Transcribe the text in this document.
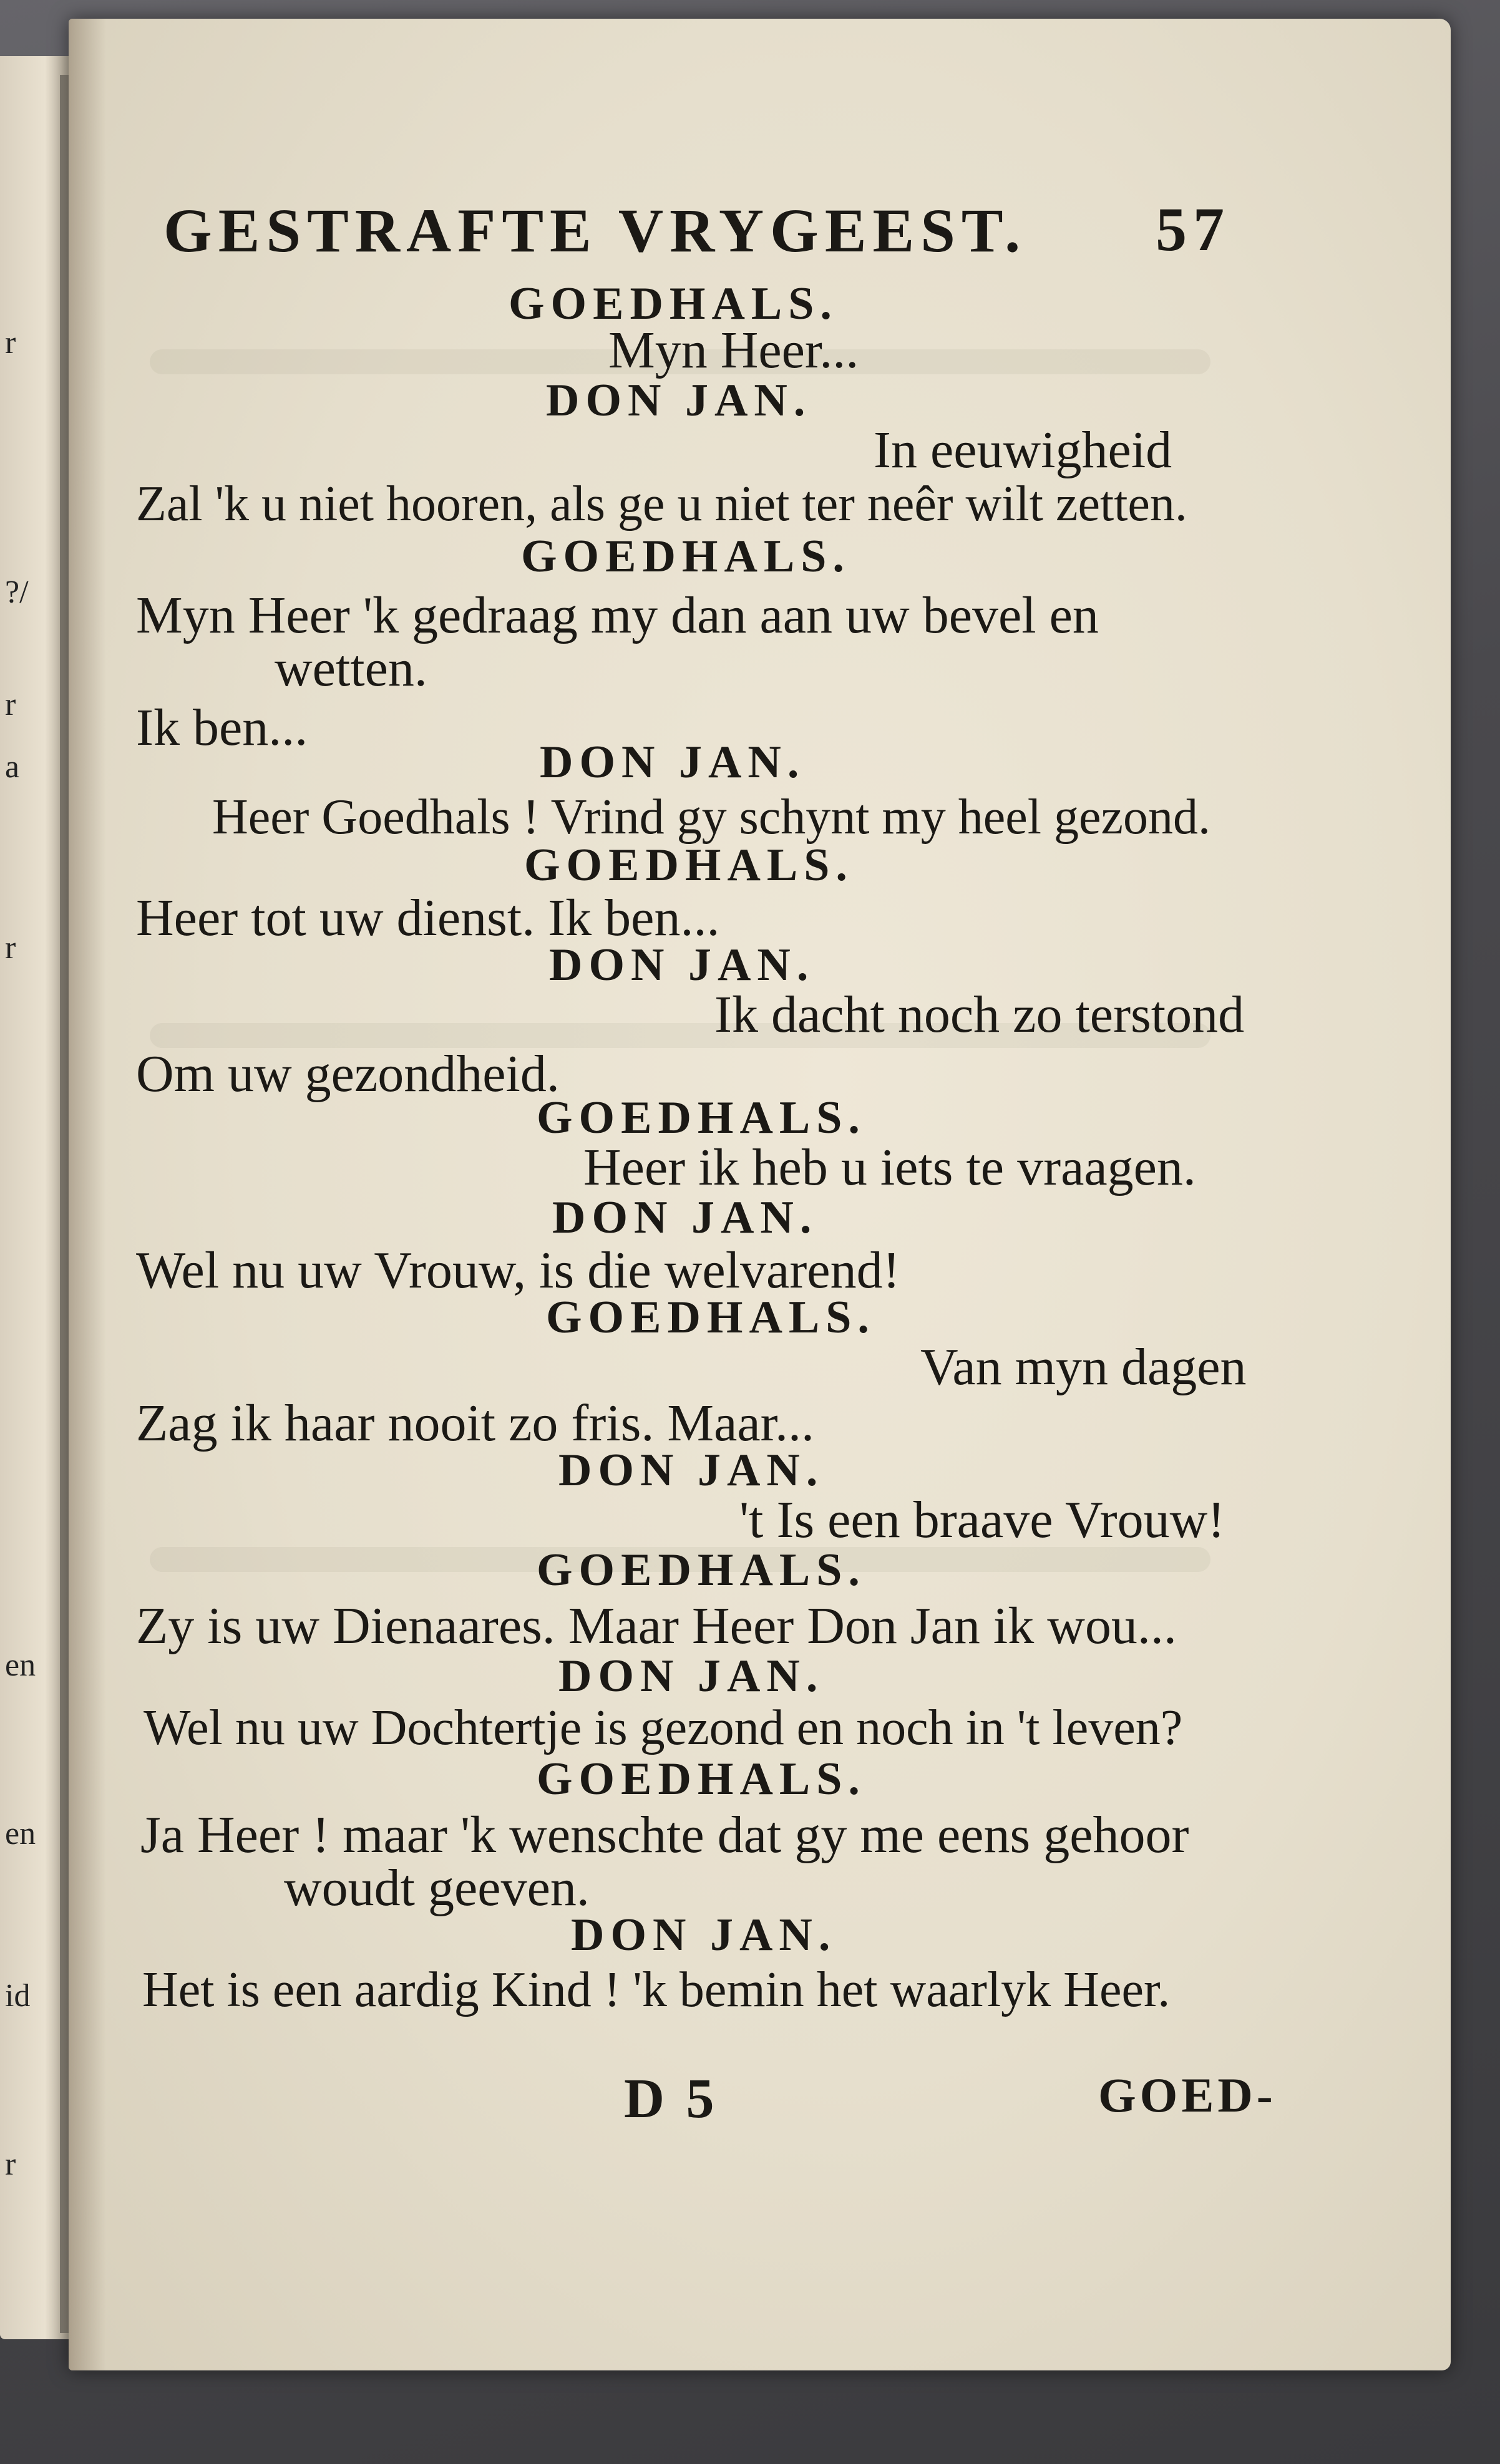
r
?/
r
a
r
en
en
id
r
GESTRAFTE VRYGEEST. 57
GOEDHALS.
Myn Heer...
DON JAN.
In eeuwigheid
Zal 'k u niet hooren, als ge u niet ter neêr wilt zetten.
GOEDHALS.
Myn Heer 'k gedraag my dan aan uw bevel en
wetten.
Ik ben...
DON JAN.
Heer Goedhals ! Vrind gy schynt my heel gezond.
GOEDHALS.
Heer tot uw dienst. Ik ben...
DON JAN.
Ik dacht noch zo terstond
Om uw gezondheid.
GOEDHALS.
Heer ik heb u iets te vraagen.
DON JAN.
Wel nu uw Vrouw, is die welvarend!
GOEDHALS.
Van myn dagen
Zag ik haar nooit zo fris. Maar...
DON JAN.
't Is een braave Vrouw!
GOEDHALS.
Zy is uw Dienaares. Maar Heer Don Jan ik wou...
DON JAN.
Wel nu uw Dochtertje is gezond en noch in 't leven?
GOEDHALS.
Ja Heer ! maar 'k wenschte dat gy me eens gehoor
woudt geeven.
DON JAN.
Het is een aardig Kind ! 'k bemin het waarlyk Heer.
D 5	GOED-
